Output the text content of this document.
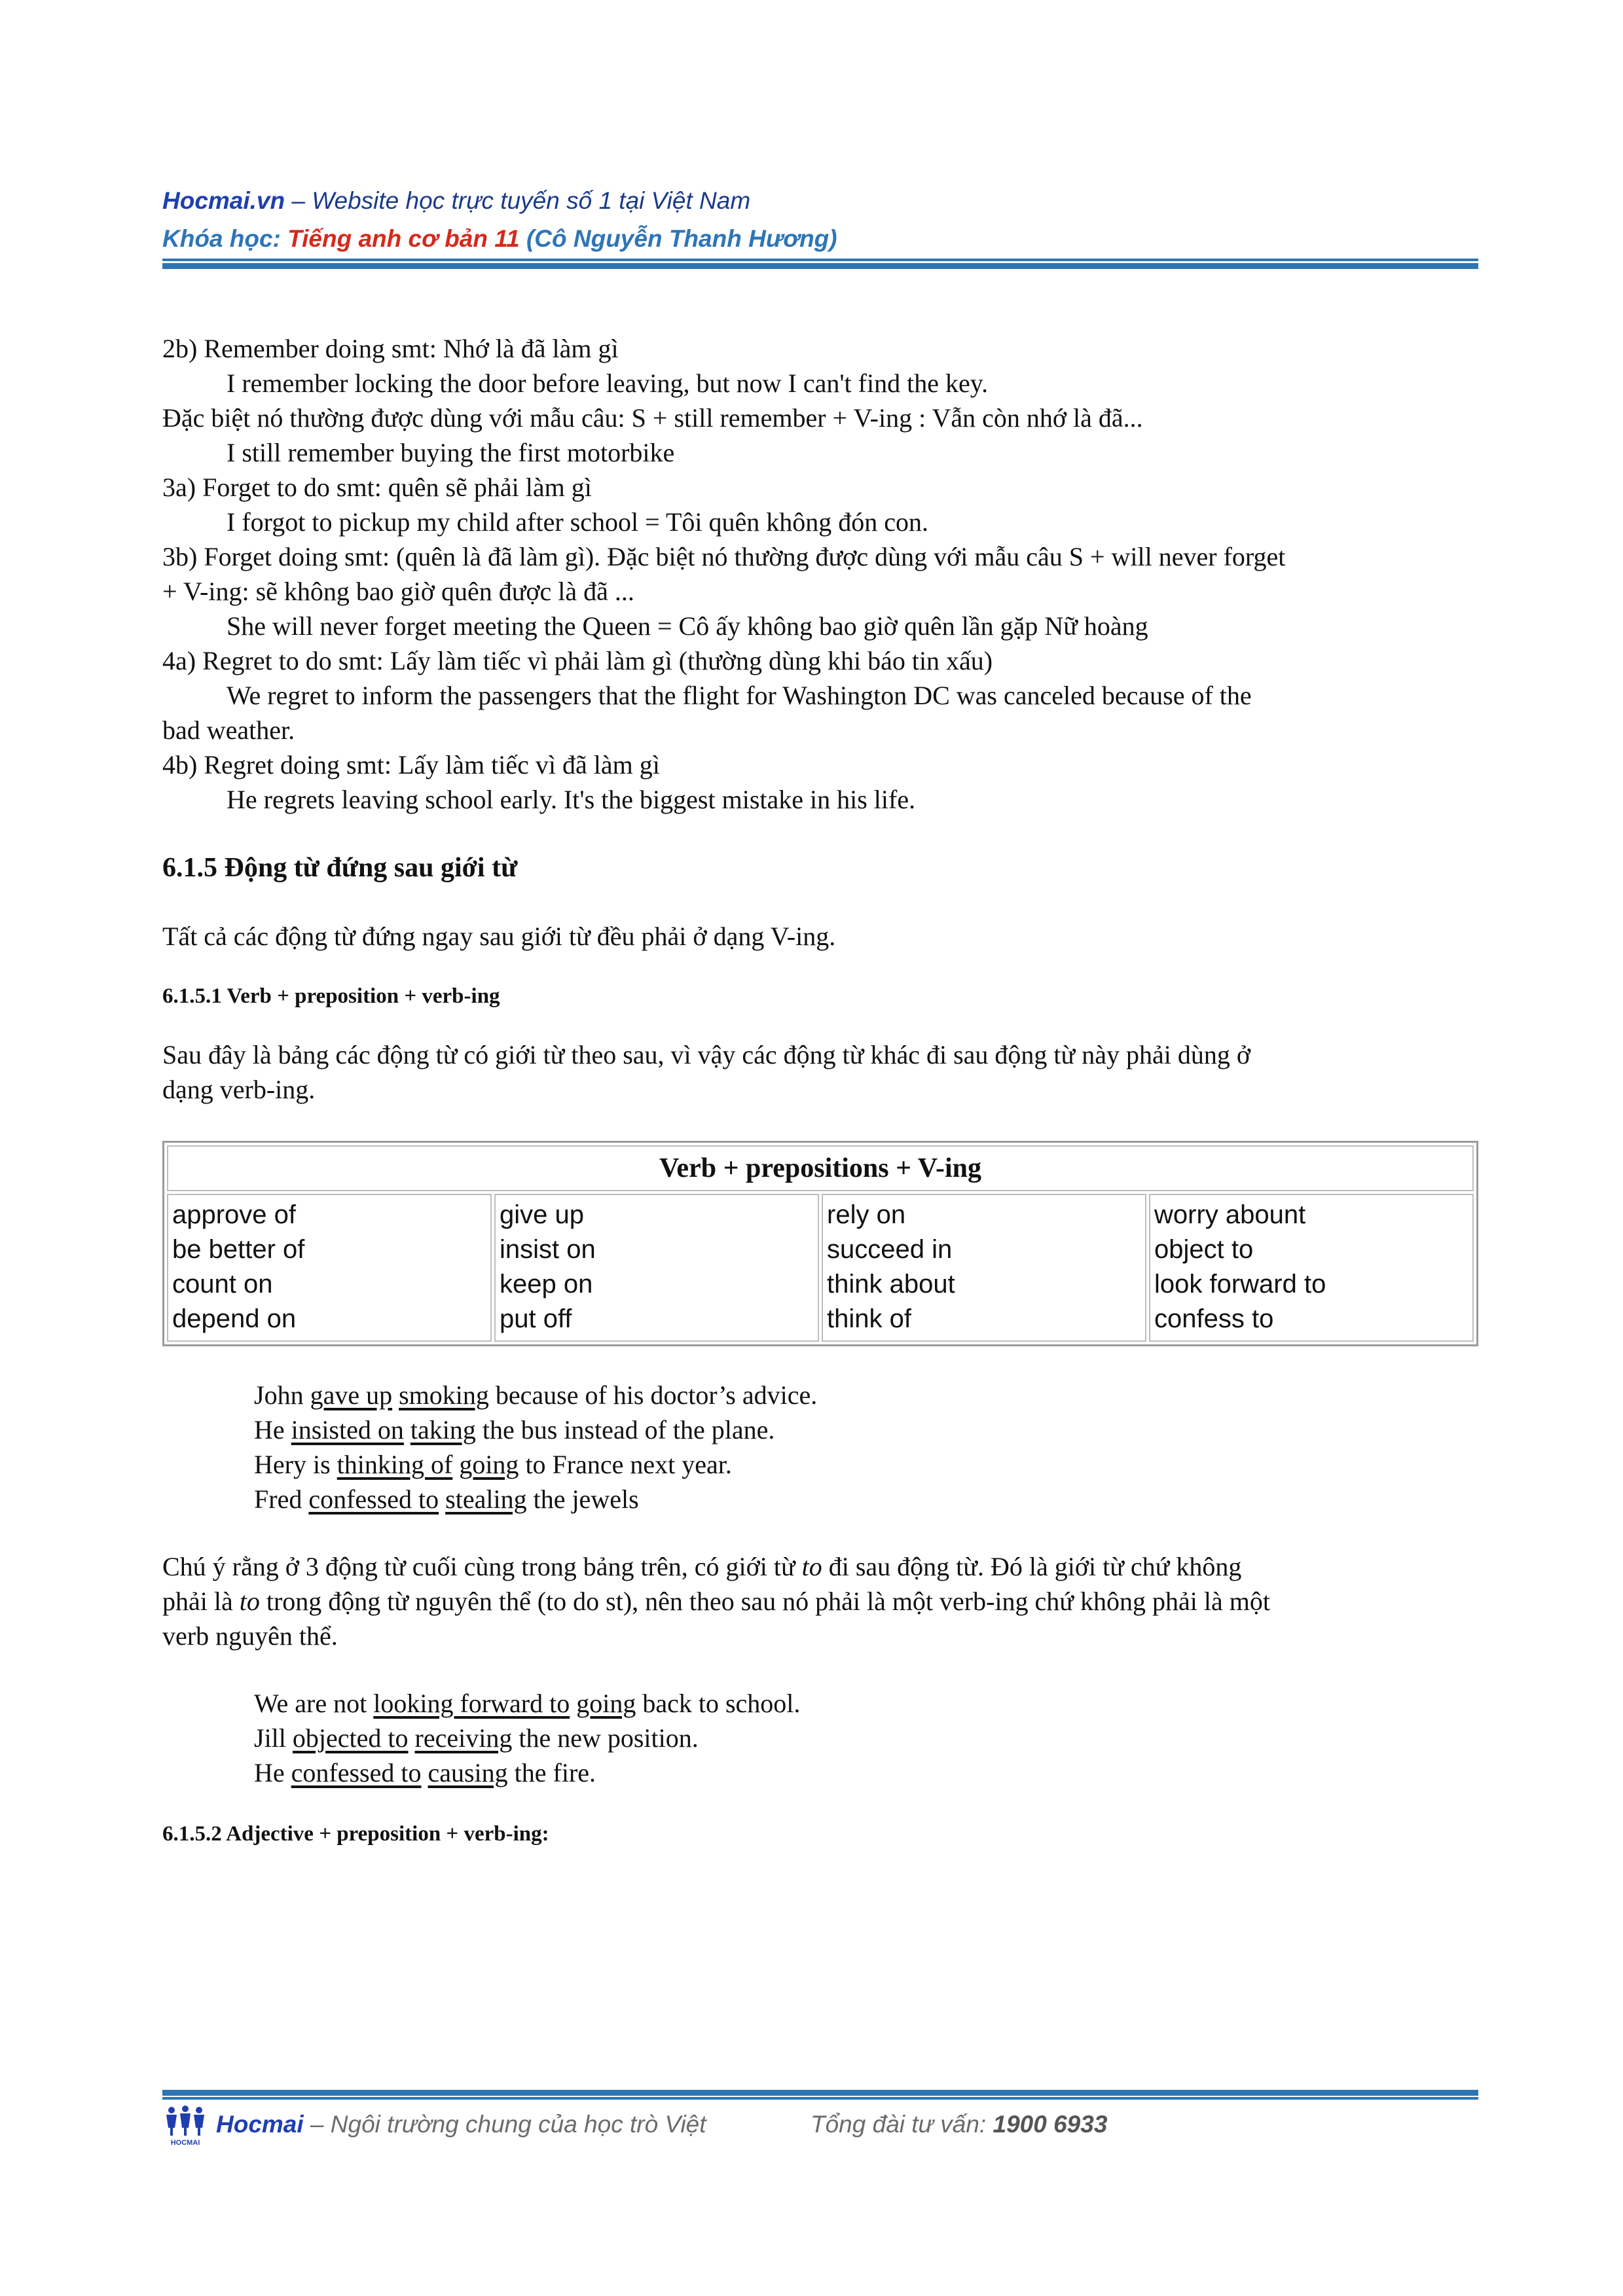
Hocmai.vn – Website học trực tuyến số 1 tại Việt Nam
Khóa học: Tiếng anh cơ bản 11 (Cô Nguyễn Thanh Hương)

2b) Remember doing smt: Nhớ là đã làm gì

I remember locking the door before leaving, but now I can't find the key.

Đặc biệt nó thường được dùng với mẫu câu: S + still remember + V-ing : Vẫn còn nhớ là đã...

I still remember buying the first motorbike

3a) Forget to do smt: quên sẽ phải làm gì

I forgot to pickup my child after school = Tôi quên không đón con.

3b) Forget doing smt: (quên là đã làm gì). Đặc biệt nó thường được dùng với mẫu câu S + will never forget

+ V-ing: sẽ không bao giờ quên được là đã ...

She will never forget meeting the Queen = Cô ấy không bao giờ quên lần gặp Nữ hoàng

4a) Regret to do smt: Lấy làm tiếc vì phải làm gì (thường dùng khi báo tin xấu)

We regret to inform the passengers that the flight for Washington DC was canceled because of the

bad weather.

4b) Regret doing smt: Lấy làm tiếc vì đã làm gì

He regrets leaving school early. It's the biggest mistake in his life.

6.1.5 Động từ đứng sau giới từ

Tất cả các động từ đứng ngay sau giới từ đều phải ở dạng V-ing.

6.1.5.1 Verb + preposition + verb-ing

Sau đây là bảng các động từ có giới từ theo sau, vì vậy các động từ khác đi sau động từ này phải dùng ở

dạng verb-ing.

Verb + prepositions + V-ing
approve of
be better of
count on
depend on
give up
insist on
keep on
put off
rely on
succeed in
think about
think of
worry abount
object to
look forward to
confess to

John gave up smoking because of his doctor’s advice.

He insisted on taking the bus instead of the plane.

Hery is thinking of going to France next year.

Fred confessed to stealing the jewels

Chú ý rằng ở 3 động từ cuối cùng trong bảng trên, có giới từ to đi sau động từ. Đó là giới từ chứ không

phải là to trong động từ nguyên thể (to do st), nên theo sau nó phải là một verb-ing chứ không phải là một

verb nguyên thể.

We are not looking forward to going back to school.

Jill objected to receiving the new position.

He confessed to causing the fire.

6.1.5.2 Adjective + preposition + verb-ing:

HOCMAI
Hocmai – Ngôi trường chung của học trò Việt	Tổng đài tư vấn: 1900 6933
